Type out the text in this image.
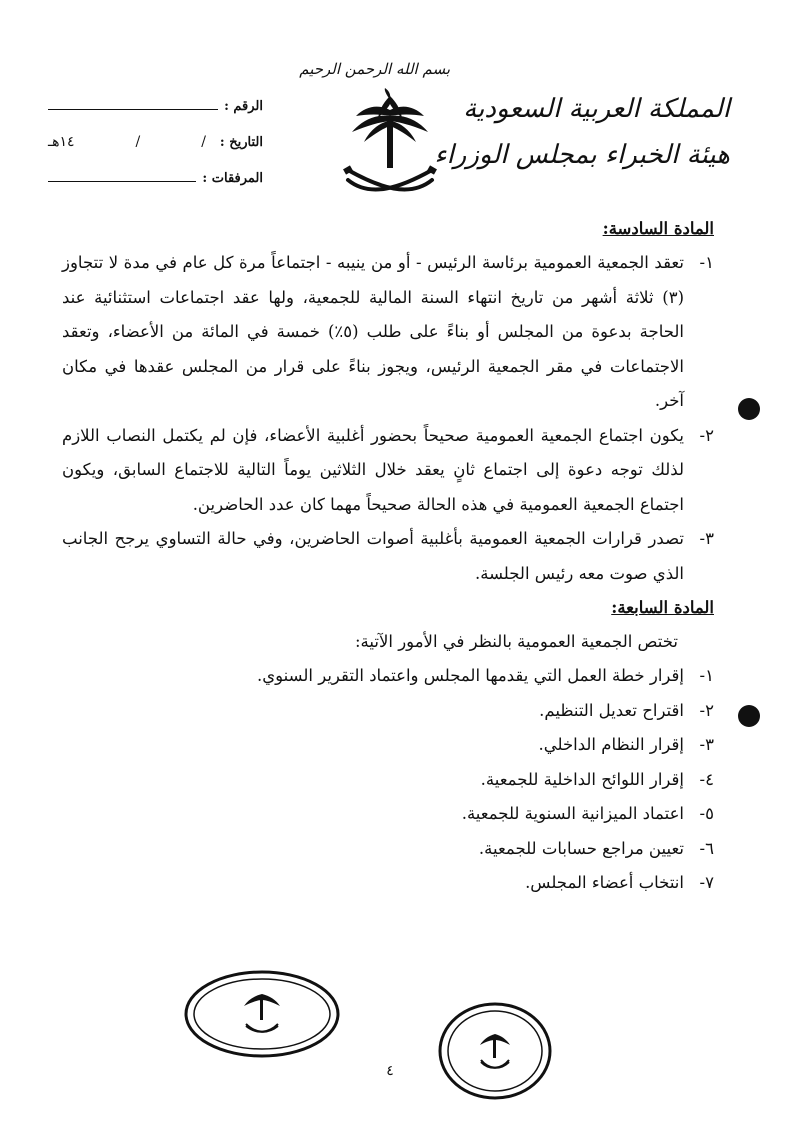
بسم الله الرحمن الرحيم
المملكة العربية السعودية
هيئة الخبراء بمجلس الوزراء
الرقم :
التاريخ :
/
/
١٤هـ
المرفقات :
المادة السادسة:
١-
تعقد الجمعية العمومية برئاسة الرئيس - أو من ينيبه - اجتماعاً مرة كل عام في مدة لا تتجاوز (٣) ثلاثة أشهر من تاريخ انتهاء السنة المالية للجمعية، ولها عقد اجتماعات استثنائية عند الحاجة بدعوة من المجلس أو بناءً على طلب (٥٪) خمسة في المائة من الأعضاء، وتعقد الاجتماعات في مقر الجمعية الرئيس، ويجوز بناءً على قرار من المجلس عقدها في مكان آخر.
٢-
يكون اجتماع الجمعية العمومية صحيحاً بحضور أغلبية الأعضاء، فإن لم يكتمل النصاب اللازم لذلك توجه دعوة إلى اجتماع ثانٍ يعقد خلال الثلاثين يوماً التالية للاجتماع السابق، ويكون اجتماع الجمعية العمومية في هذه الحالة صحيحاً مهما كان عدد الحاضرين.
٣-
تصدر قرارات الجمعية العمومية بأغلبية أصوات الحاضرين، وفي حالة التساوي يرجح الجانب الذي صوت معه رئيس الجلسة.
المادة السابعة:
تختص الجمعية العمومية بالنظر في الأمور الآتية:
١-
إقرار خطة العمل التي يقدمها المجلس واعتماد التقرير السنوي.
٢-
اقتراح تعديل التنظيم.
٣-
إقرار النظام الداخلي.
٤-
إقرار اللوائح الداخلية للجمعية.
٥-
اعتماد الميزانية السنوية للجمعية.
٦-
تعيين مراجع حسابات للجمعية.
٧-
انتخاب أعضاء المجلس.
٤
